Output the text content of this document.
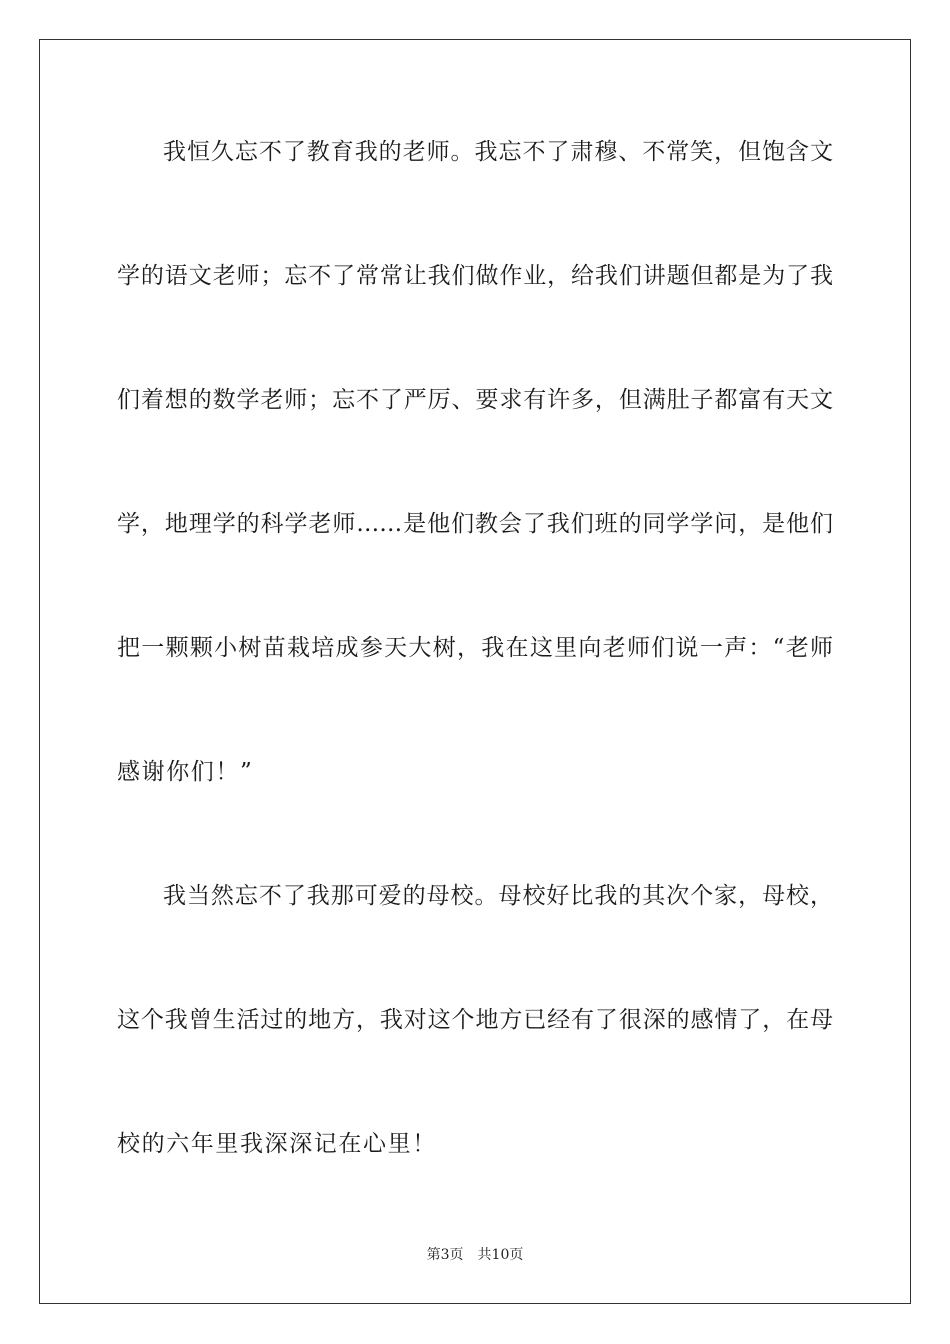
我恒久忘不了教育我的老师。我忘不了肃穆、不常笑，但饱含文
学的语文老师；忘不了常常让我们做作业，给我们讲题但都是为了我
们着想的数学老师；忘不了严厉、要求有许多，但满肚子都富有天文
学，地理学的科学老师……是他们教会了我们班的同学学问，是他们
把一颗颗小树苗栽培成参天大树，我在这里向老师们说一声：“老师
感谢你们！”
我当然忘不了我那可爱的母校。母校好比我的其次个家，母校，
这个我曾生活过的地方，我对这个地方已经有了很深的感情了，在母
校的六年里我深深记在心里！
第3页 共10页
